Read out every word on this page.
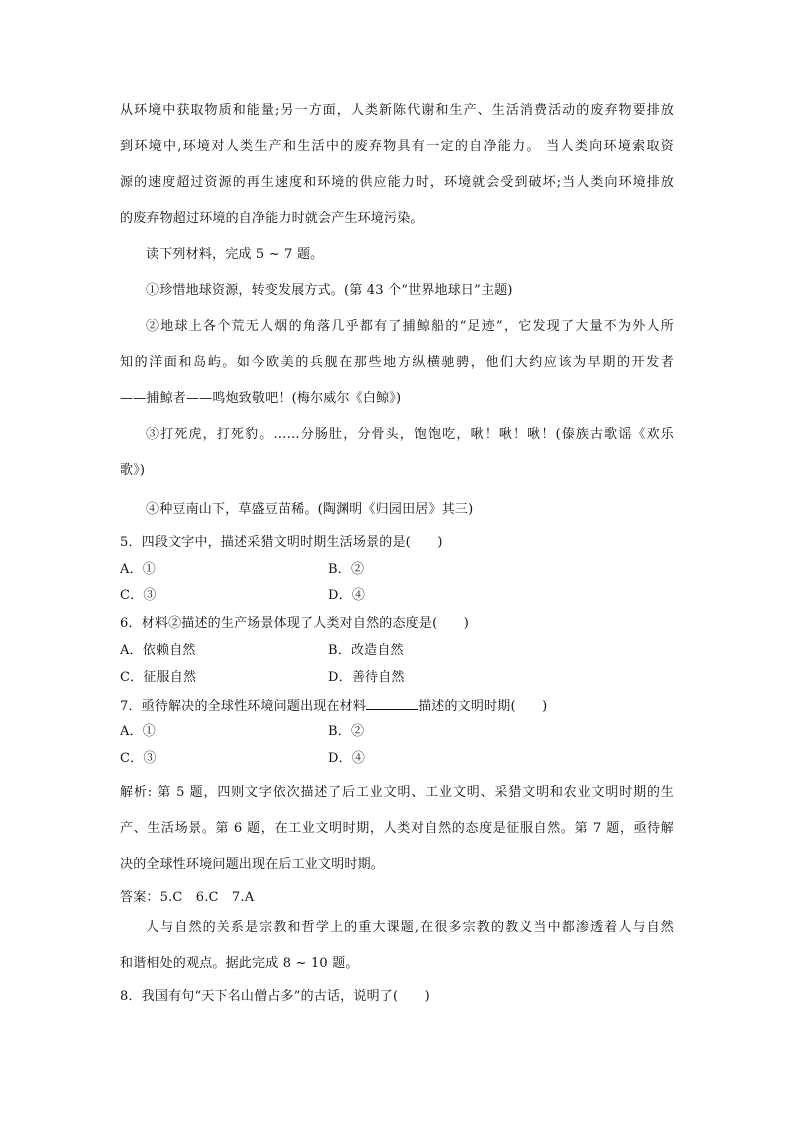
从环境中获取物质和能量;另一方面，人类新陈代谢和生产、生活消费活动的废弃物要排放
到环境中,环境对人类生产和生活中的废弃物具有一定的自净能力。 当人类向环境索取资
源的速度超过资源的再生速度和环境的供应能力时，环境就会受到破坏;当人类向环境排放
的废弃物超过环境的自净能力时就会产生环境污染。
读下列材料，完成 5 ~ 7 题。
①珍惜地球资源，转变发展方式。(第 43 个“世界地球日”主题)
②地球上各个荒无人烟的角落几乎都有了捕鲸船的“足迹”，它发现了大量不为外人所
知的洋面和岛屿。如今欧美的兵舰在那些地方纵横驰骋，他们大约应该为早期的开发者
——捕鲸者——鸣炮致敬吧！(梅尔威尔《白鲸》)
③打死虎，打死豹。……分肠肚，分骨头，饱饱吃，啾！啾！啾！(傣族古歌谣《欢乐
歌》)
④种豆南山下，草盛豆苗稀。(陶渊明《归园田居》其三)
5．四段文字中，描述采猎文明时期生活场景的是(　　)
A．①	B．②
C．③	D．④
6．材料②描述的生产场景体现了人类对自然的态度是(　　)
A．依赖自然	B．改造自然
C．征服自然	D．善待自然
7．亟待解决的全球性环境问题出现在材料	描述的文明时期(　　)
A．①	B．②
C．③	D．④
解析: 第 5 题，四则文字依次描述了后工业文明、工业文明、采猎文明和农业文明时期的生
产、生活场景。第 6 题，在工业文明时期，人类对自然的态度是征服自然。第 7 题，亟待解
决的全球性环境问题出现在后工业文明时期。
答案：5.C　6.C　7.A
人与自然的关系是宗教和哲学上的重大课题,在很多宗教的教义当中都渗透着人与自然
和谐相处的观点。据此完成 8 ~ 10 题。
8．我国有句“天下名山僧占多”的古话，说明了(　　)
